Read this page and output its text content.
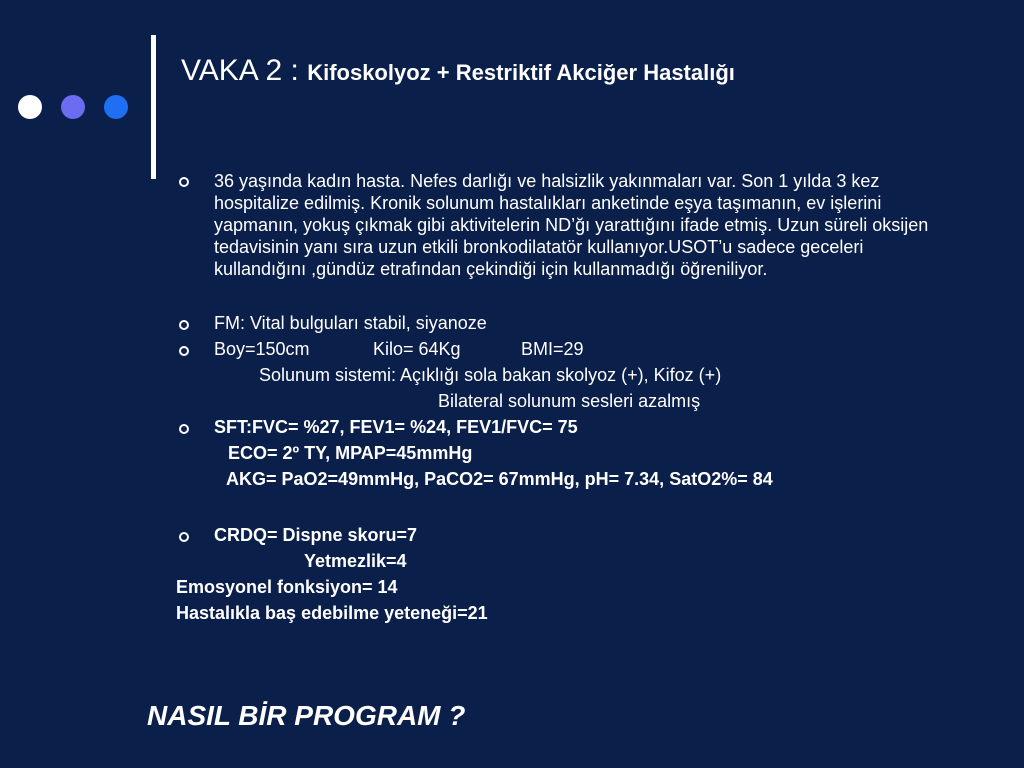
VAKA 2 : Kifoskolyoz + Restriktif Akciğer Hastalığı

36 yaşında kadın hasta. Nefes darlığı ve halsizlik yakınmaları var. Son 1 yılda 3 kez hospitalize edilmiş. Kronik solunum hastalıkları anketinde eşya taşımanın, ev işlerini yapmanın, yokuş çıkmak gibi aktivitelerin ND’ğı yarattığını ifade etmiş. Uzun süreli oksijen tedavisinin yanı sıra uzun etkili bronkodilatatör kullanıyor.USOT’u sadece geceleri kullandığını ,gündüz etrafından çekindiği için kullanmadığı öğreniliyor.

FM: Vital bulguları stabil, siyanoze
Boy=150cm	Kilo= 64Kg	BMI=29
Solunum sistemi: Açıklığı sola bakan skolyoz (+), Kifoz (+)
Bilateral solunum sesleri azalmış
SFT:FVC= %27, FEV1= %24, FEV1/FVC= 75
ECO= 2º TY, MPAP=45mmHg
AKG= PaO2=49mmHg, PaCO2= 67mmHg, pH= 7.34, SatO2%= 84
CRDQ= Dispne skoru=7
Yetmezlik=4
Emosyonel fonksiyon= 14
Hastalıkla baş edebilme yeteneği=21
NASIL BİR PROGRAM ?
